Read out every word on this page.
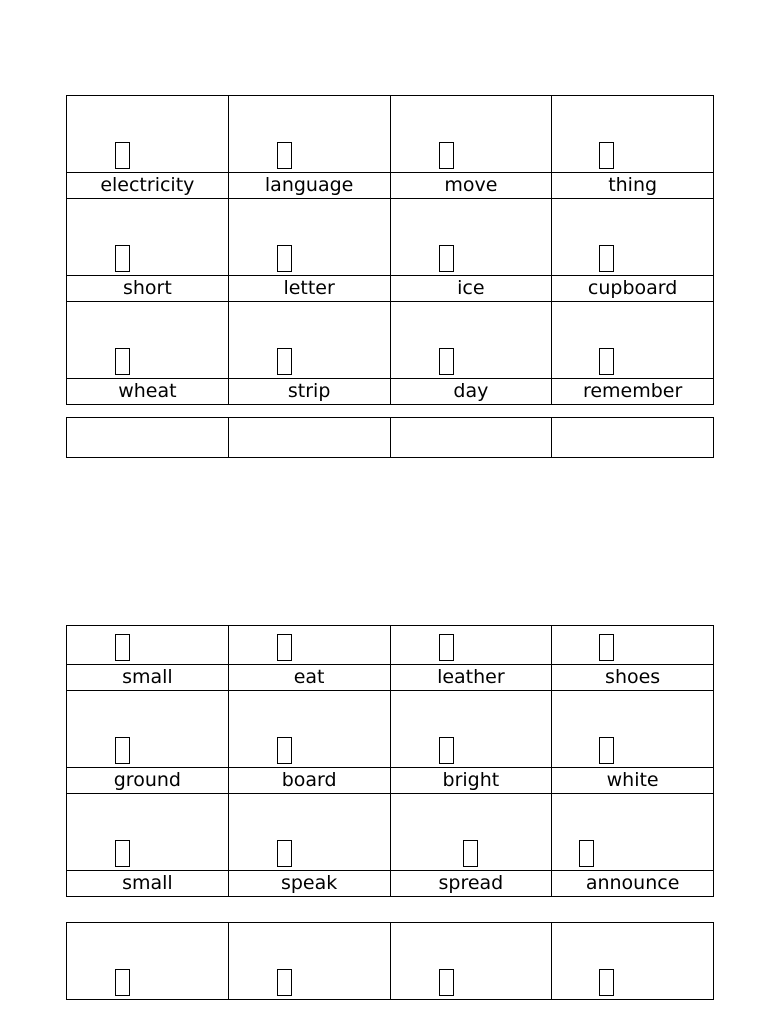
electricity	language	move	thing
short	letter	ice	cupboard
wheat	strip	day	remember
small	eat	leather	shoes
ground	board	bright	white
small	speak	spread	announce
